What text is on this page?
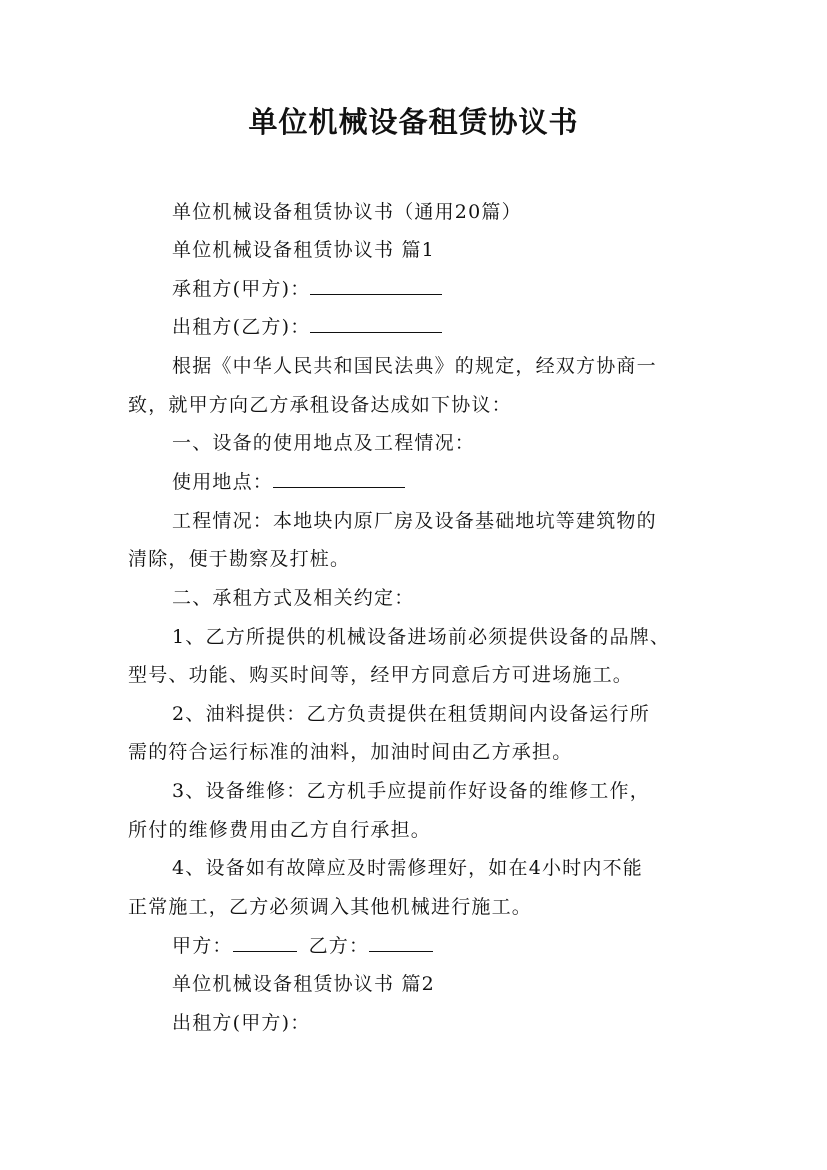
单位机械设备租赁协议书

单位机械设备租赁协议书（通用20篇）

单位机械设备租赁协议书 篇1

承租方(甲方)：

出租方(乙方)：

根据《中华人民共和国民法典》的规定，经双方协商一

致，就甲方向乙方承租设备达成如下协议：

一、设备的使用地点及工程情况：

使用地点：

工程情况：本地块内原厂房及设备基础地坑等建筑物的

清除，便于勘察及打桩。

二、承租方式及相关约定：

1、乙方所提供的机械设备进场前必须提供设备的品牌、

型号、功能、购买时间等，经甲方同意后方可进场施工。

2、油料提供：乙方负责提供在租赁期间内设备运行所

需的符合运行标准的油料，加油时间由乙方承担。

3、设备维修：乙方机手应提前作好设备的维修工作，

所付的维修费用由乙方自行承担。

4、设备如有故障应及时需修理好，如在4小时内不能

正常施工，乙方必须调入其他机械进行施工。

甲方：	乙方：

单位机械设备租赁协议书 篇2

出租方(甲方)：
